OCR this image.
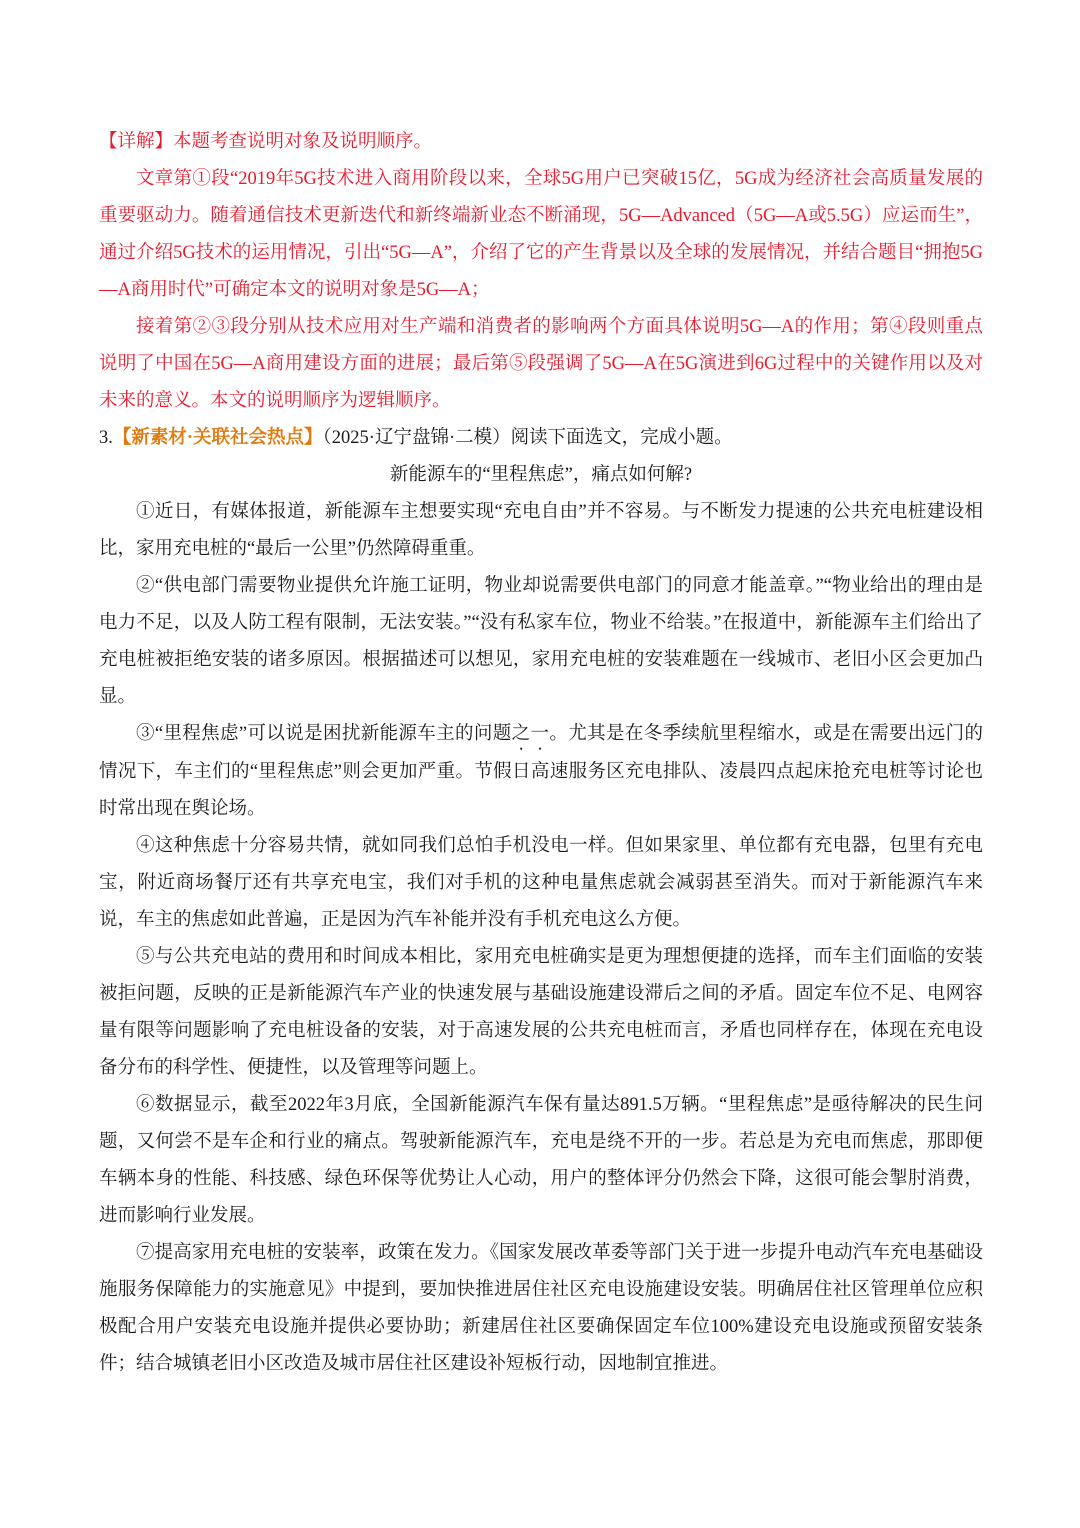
【详解】本题考查说明对象及说明顺序。

文章第①段“2019年5G技术进入商用阶段以来，全球5G用户已突破15亿，5G成为经济社会高质量发展的重要驱动力。随着通信技术更新迭代和新终端新业态不断涌现，5G—Advanced（5G—A或5.5G）应运而生”，通过介绍5G技术的运用情况，引出“5G—A”，介绍了它的产生背景以及全球的发展情况，并结合题目“拥抱5G—A商用时代”可确定本文的说明对象是5G—A；

接着第②③段分别从技术应用对生产端和消费者的影响两个方面具体说明5G—A的作用；第④段则重点说明了中国在5G—A商用建设方面的进展；最后第⑤段强调了5G—A在5G演进到6G过程中的关键作用以及对未来的意义。本文的说明顺序为逻辑顺序。

3.【新素材·关联社会热点】（2025·辽宁盘锦·二模）阅读下面选文，完成小题。

新能源车的“里程焦虑”，痛点如何解?

①近日，有媒体报道，新能源车主想要实现“充电自由”并不容易。与不断发力提速的公共充电桩建设相比，家用充电桩的“最后一公里”仍然障碍重重。

②“供电部门需要物业提供允许施工证明，物业却说需要供电部门的同意才能盖章。”“物业给出的理由是电力不足，以及人防工程有限制，无法安装。”“没有私家车位，物业不给装。”在报道中，新能源车主们给出了充电桩被拒绝安装的诸多原因。根据描述可以想见，家用充电桩的安装难题在一线城市、老旧小区会更加凸显。

③“里程焦虑”可以说是困扰新能源车主的问题之一。尤其是在冬季续航里程缩水，或是在需要出远门的情况下，车主们的“里程焦虑”则会更加严重。节假日高速服务区充电排队、凌晨四点起床抢充电桩等讨论也时常出现在舆论场。

④这种焦虑十分容易共情，就如同我们总怕手机没电一样。但如果家里、单位都有充电器，包里有充电宝，附近商场餐厅还有共享充电宝，我们对手机的这种电量焦虑就会减弱甚至消失。而对于新能源汽车来说，车主的焦虑如此普遍，正是因为汽车补能并没有手机充电这么方便。

⑤与公共充电站的费用和时间成本相比，家用充电桩确实是更为理想便捷的选择，而车主们面临的安装被拒问题，反映的正是新能源汽车产业的快速发展与基础设施建设滞后之间的矛盾。固定车位不足、电网容量有限等问题影响了充电桩设备的安装，对于高速发展的公共充电桩而言，矛盾也同样存在，体现在充电设备分布的科学性、便捷性，以及管理等问题上。

⑥数据显示，截至2022年3月底，全国新能源汽车保有量达891.5万辆。“里程焦虑”是亟待解决的民生问题，又何尝不是车企和行业的痛点。驾驶新能源汽车，充电是绕不开的一步。若总是为充电而焦虑，那即便车辆本身的性能、科技感、绿色环保等优势让人心动，用户的整体评分仍然会下降，这很可能会掣肘消费，进而影响行业发展。

⑦提高家用充电桩的安装率，政策在发力。《国家发展改革委等部门关于进一步提升电动汽车充电基础设施服务保障能力的实施意见》中提到，要加快推进居住社区充电设施建设安装。明确居住社区管理单位应积极配合用户安装充电设施并提供必要协助；新建居住社区要确保固定车位100%建设充电设施或预留安装条件；结合城镇老旧小区改造及城市居住社区建设补短板行动，因地制宜推进。
